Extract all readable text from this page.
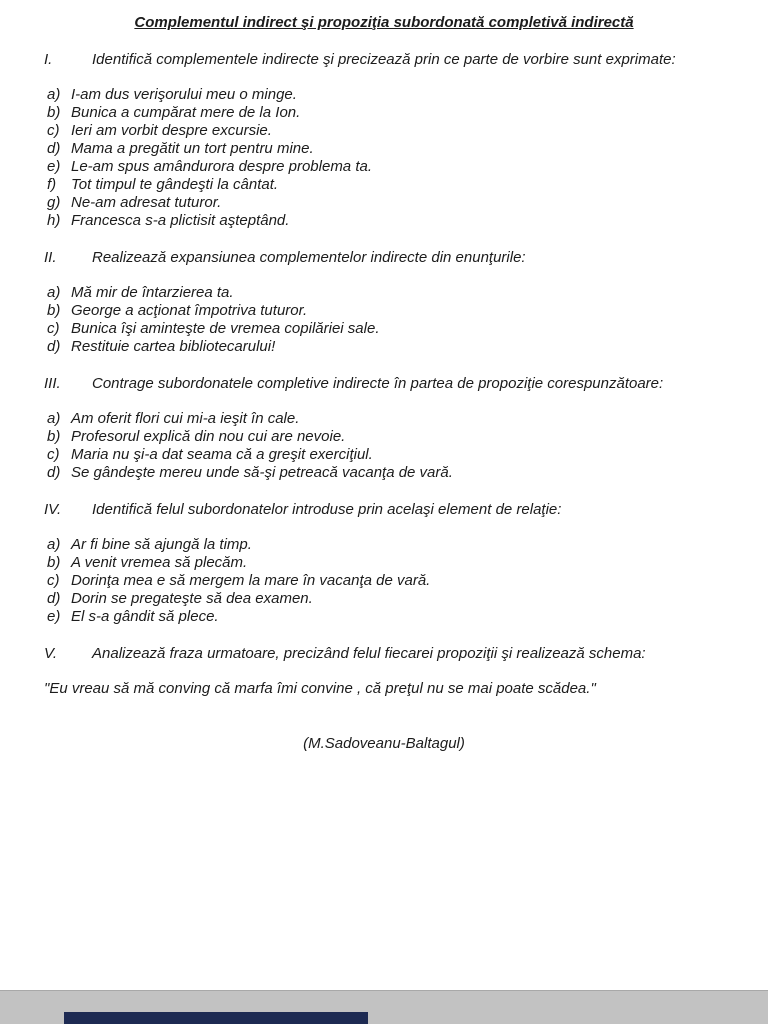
Complementul indirect şi propoziţia subordonată completivă indirectă
I.	Identifică complementele indirecte şi precizează prin ce parte de vorbire sunt exprimate:
a) I-am dus verişorului meu o minge.
b) Bunica a cumpărat mere de la Ion.
c) Ieri am vorbit despre excursie.
d) Mama a pregătit un tort pentru mine.
e) Le-am spus amândurora despre problema ta.
f) Tot timpul te gândeşti la cântat.
g) Ne-am adresat tuturor.
h) Francesca s-a plictisit aşteptând.
II.	Realizează expansiunea complementelor indirecte din enunţurile:
a) Mă mir de întarzierea ta.
b) George a acţionat împotriva tuturor.
c) Bunica îşi aminteşte de vremea copilăriei sale.
d) Restituie cartea bibliotecarului!
III.	Contrage subordonatele completive indirecte în partea de propoziţie corespunzătoare:
a) Am oferit flori cui mi-a ieşit în cale.
b) Profesorul explică din nou cui are nevoie.
c) Maria nu şi-a dat seama că a greşit exerciţiul.
d) Se gândeşte mereu unde să-şi petreacă vacanţa de vară.
IV.	Identifică felul subordonatelor introduse prin acelaşi element de relaţie:
a) Ar fi bine să ajungă la timp.
b) A venit vremea să plecăm.
c) Dorinţa mea e să mergem la mare în vacanţa de vară.
d) Dorin se pregateşte să dea examen.
e) El s-a gândit să plece.
V.	Analizează fraza urmatoare, precizând felul fiecarei propoziţii şi realizează schema:

"Eu vreau să mă conving că marfa îmi convine , că preţul nu se mai poate scădea."

(M.Sadoveanu-Baltagul)
